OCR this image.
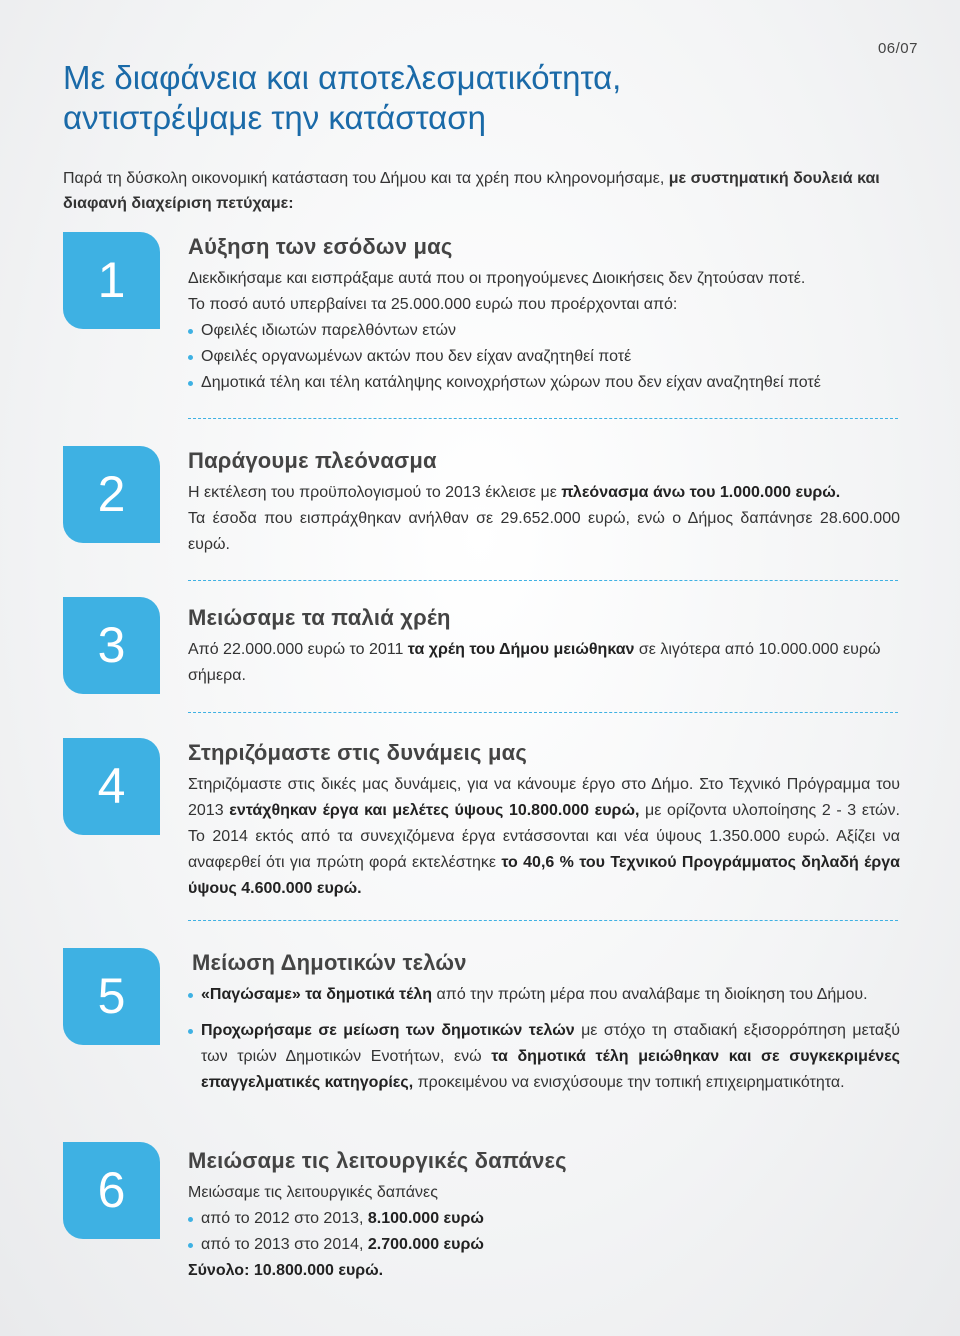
06/07
Με διαφάνεια και αποτελεσματικότητα,
αντιστρέψαμε την κατάσταση

Παρά τη δύσκολη οικονομική κατάσταση του Δήμου και τα χρέη που κληρονομήσαμε, με συστηματική δουλειά και διαφανή διαχείριση πετύχαμε:

1
Αύξηση των εσόδων μας

Διεκδικήσαμε και εισπράξαμε αυτά που οι προηγούμενες Διοικήσεις δεν ζητούσαν ποτέ.

Το ποσό αυτό υπερβαίνει τα 25.000.000 ευρώ που προέρχονται από:

Οφειλές ιδιωτών παρελθόντων ετών

Οφειλές οργανωμένων ακτών που δεν είχαν αναζητηθεί ποτέ

Δημοτικά τέλη και τέλη κατάληψης κοινοχρήστων χώρων που δεν είχαν αναζητηθεί ποτέ

2
Παράγουμε πλεόνασμα

Η εκτέλεση του προϋπολογισμού το 2013 έκλεισε με πλεόνασμα άνω του 1.000.000 ευρώ.

Τα έσοδα που εισπράχθηκαν ανήλθαν σε 29.652.000 ευρώ, ενώ ο Δήμος δαπάνησε 28.600.000 ευρώ.

3	Μειώσαμε τα παλιά χρέη

Από 22.000.000 ευρώ το 2011 τα χρέη του Δήμου μειώθηκαν σε λιγότερα από 10.000.000 ευρώ σήμερα.

4
Στηριζόμαστε στις δυνάμεις μας

Στηριζόμαστε στις δικές μας δυνάμεις, για να κάνουμε έργο στο Δήμο. Στο Τεχνικό Πρόγραμμα του 2013 εντάχθηκαν έργα και μελέτες ύψους 10.800.000 ευρώ, με ορίζοντα υλοποίησης 2 - 3 ετών. Το 2014 εκτός από τα συνεχιζόμενα έργα εντάσσονται και νέα ύψους 1.350.000 ευρώ. Αξίζει να αναφερθεί ότι για πρώτη φορά εκτελέστηκε το 40,6 % του Τεχνικού Προγράμματος δηλαδή έργα ύψους 4.600.000 ευρώ.

5
Μείωση Δημοτικών τελών

«Παγώσαμε» τα δημοτικά τέλη από την πρώτη μέρα που αναλάβαμε τη διοίκηση του Δήμου.

Προχωρήσαμε σε μείωση των δημοτικών τελών με στόχο τη σταδιακή εξισορρόπηση μεταξύ των τριών Δημοτικών Ενοτήτων, ενώ τα δημοτικά τέλη μειώθηκαν και σε συγκεκριμένες επαγγελματικές κατηγορίες, προκειμένου να ενισχύσουμε την τοπική επιχειρηματικότητα.

6
Μειώσαμε τις λειτουργικές δαπάνες

Μειώσαμε τις λειτουργικές δαπάνες

από το 2012 στο 2013, 8.100.000 ευρώ

από το 2013 στο 2014, 2.700.000 ευρώ

Σύνολο: 10.800.000 ευρώ.
